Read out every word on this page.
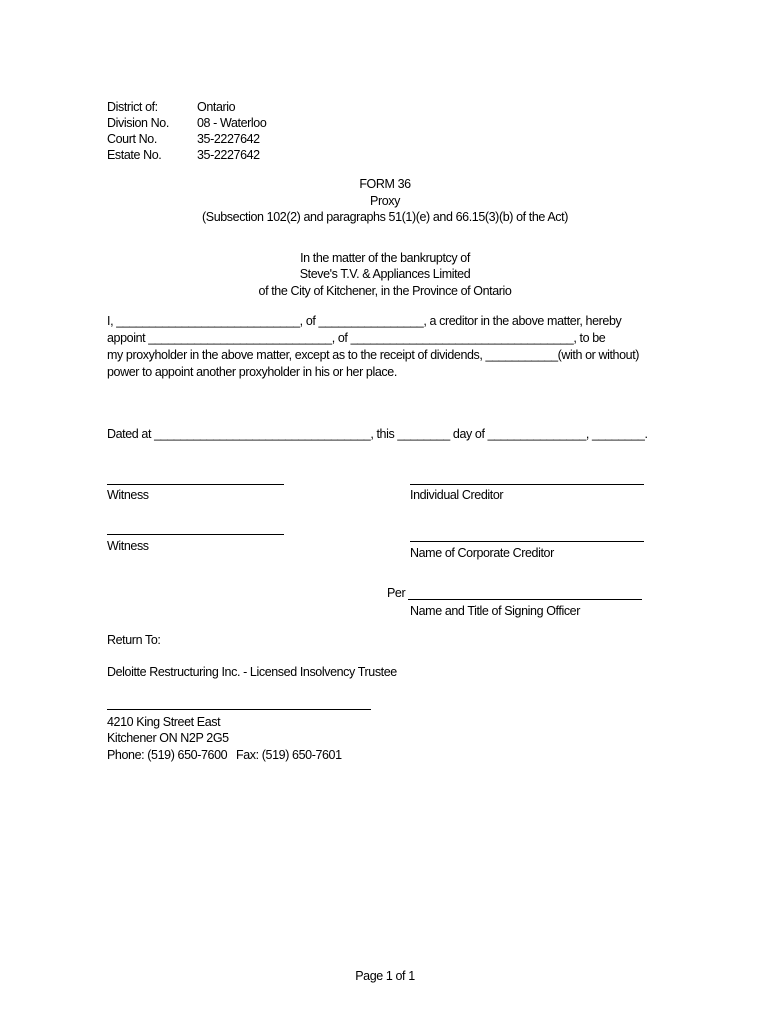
District of:	Ontario
Division No. 08 - Waterloo
Court No.	35-2227642
Estate No.	35-2227642
FORM 36
Proxy
(Subsection 102(2) and paragraphs 51(1)(e) and 66.15(3)(b) of the Act)
In the matter of the bankruptcy of
Steve's T.V. & Appliances Limited
of the City of Kitchener, in the Province of Ontario
I, ____________________________, of ________________, a creditor in the above matter, hereby
appoint ____________________________, of __________________________________, to be
my proxyholder in the above matter, except as to the receipt of dividends, ___________(with or without)
power to appoint another proxyholder in his or her place.
Dated at _________________________________, this ________ day of _______________, ________.
Witness	Individual Creditor
Witness	Name of Corporate Creditor
Per
Name and Title of Signing Officer
Return To:
Deloitte Restructuring Inc. - Licensed Insolvency Trustee
4210 King Street East
Kitchener ON N2P 2G5
Phone: (519) 650-7600 Fax: (519) 650-7601
Page 1 of 1
